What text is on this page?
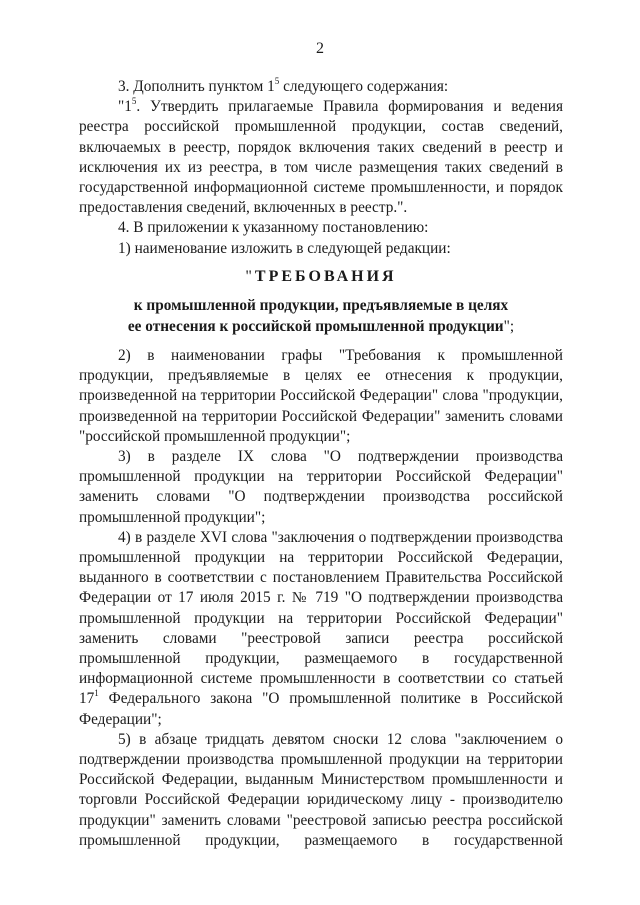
2

3. Дополнить пунктом $1^5$ следующего содержания:

"$1^5$. Утвердить прилагаемые Правила формирования и ведения реестра российской промышленной продукции, состав сведений, включаемых в реестр, порядок включения таких сведений в реестр и исключения их из реестра, в том числе размещения таких сведений в государственной информационной системе промышленности, и порядок предоставления сведений, включенных в реестр.".

4. В приложении к указанному постановлению:

1) наименование изложить в следующей редакции:

"ТРЕБОВАНИЯ

к промышленной продукции, предъявляемые в целях

ее отнесения к российской промышленной продукции";

2) в наименовании графы "Требования к промышленной продукции, предъявляемые в целях ее отнесения к продукции, произведенной на территории Российской Федерации" слова "продукции, произведенной на территории Российской Федерации" заменить словами "российской промышленной продукции";

3) в разделе IX слова "О подтверждении производства промышленной продукции на территории Российской Федерации" заменить словами "О подтверждении производства российской промышленной продукции";

4) в разделе XVI слова "заключения о подтверждении производства промышленной продукции на территории Российской Федерации, выданного в соответствии с постановлением Правительства Российской Федерации от 17 июля 2015 г. № 719 "О подтверждении производства промышленной продукции на территории Российской Федерации" заменить словами "реестровой записи реестра российской промышленной продукции, размещаемого в государственной информационной системе промышленности в соответствии со статьей $17^1$ Федерального закона "О промышленной политике в Российской Федерации";

5) в абзаце тридцать девятом сноски 12 слова "заключением о подтверждении производства промышленной продукции на территории Российской Федерации, выданным Министерством промышленности и торговли Российской Федерации юридическому лицу - производителю продукции" заменить словами "реестровой записью реестра российской промышленной продукции, размещаемого в государственной
